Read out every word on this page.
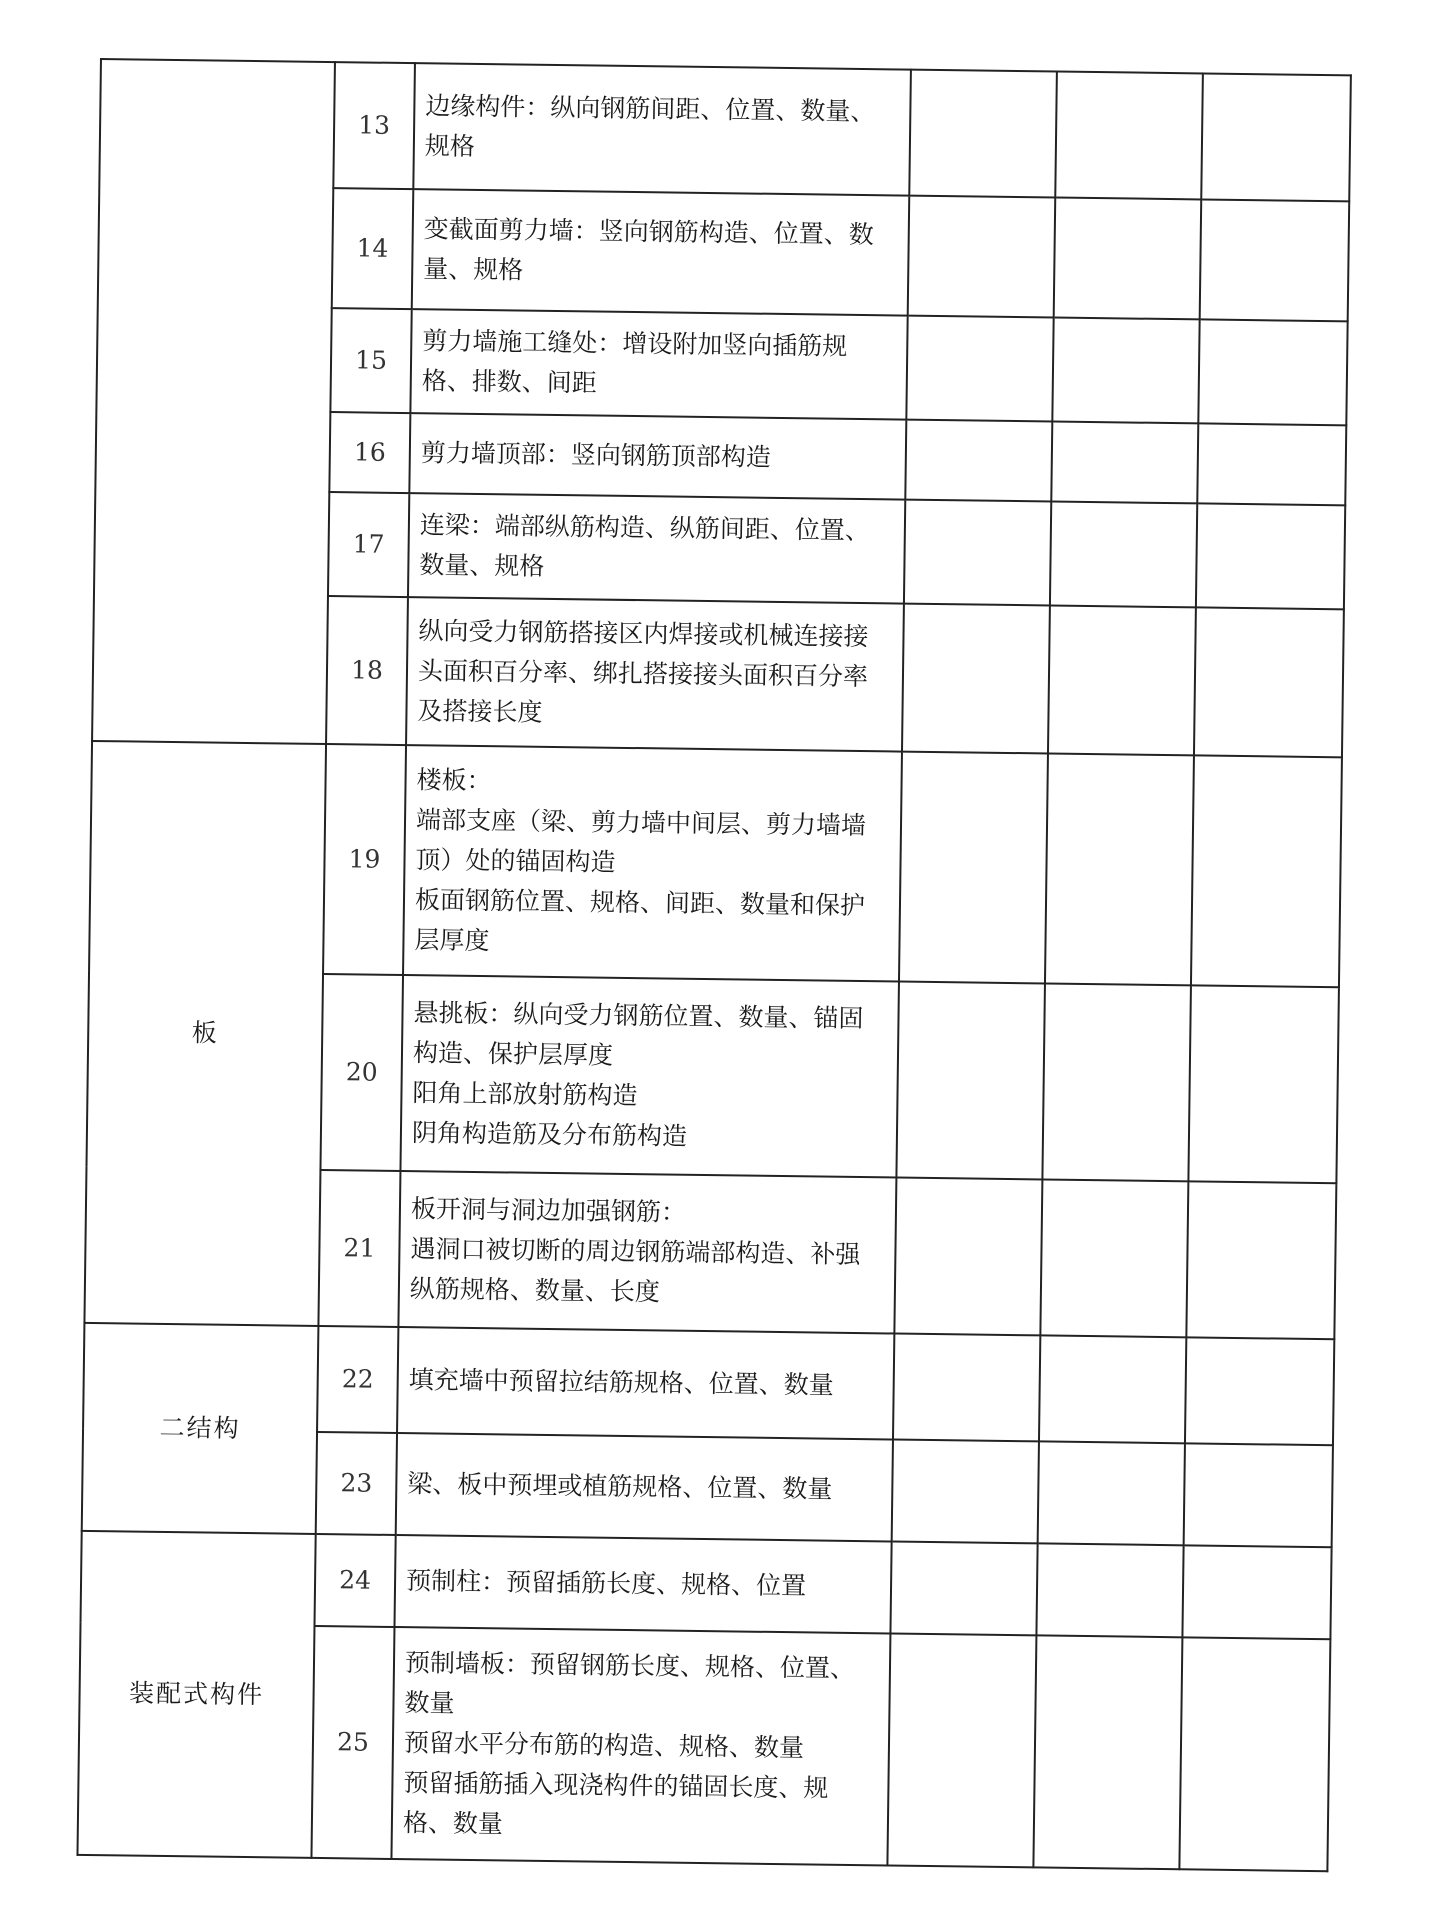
	13	边缘构件：纵向钢筋间距、位置、数量、规格			

	14	变截面剪力墙：竖向钢筋构造、位置、数量、规格			

	15	剪力墙施工缝处：增设附加竖向插筋规格、排数、间距			

	16	剪力墙顶部：竖向钢筋顶部构造			

	17	连梁：端部纵筋构造、纵筋间距、位置、数量、规格			

	18	纵向受力钢筋搭接区内焊接或机械连接接头面积百分率、绑扎搭接接头面积百分率及搭接长度			

板	19	楼板：
端部支座（梁、剪力墙中间层、剪力墙墙顶）处的锚固构造
板面钢筋位置、规格、间距、数量和保护层厚度			

	20	悬挑板：纵向受力钢筋位置、数量、锚固构造、保护层厚度
阳角上部放射筋构造
阴角构造筋及分布筋构造			

	21	板开洞与洞边加强钢筋：
遇洞口被切断的周边钢筋端部构造、补强纵筋规格、数量、长度			

二结构	22	填充墙中预留拉结筋规格、位置、数量			

	23	梁、板中预埋或植筋规格、位置、数量			

装配式构件	24	预制柱：预留插筋长度、规格、位置			

	25	预制墙板：预留钢筋长度、规格、位置、数量
预留水平分布筋的构造、规格、数量
预留插筋插入现浇构件的锚固长度、规格、数量			
